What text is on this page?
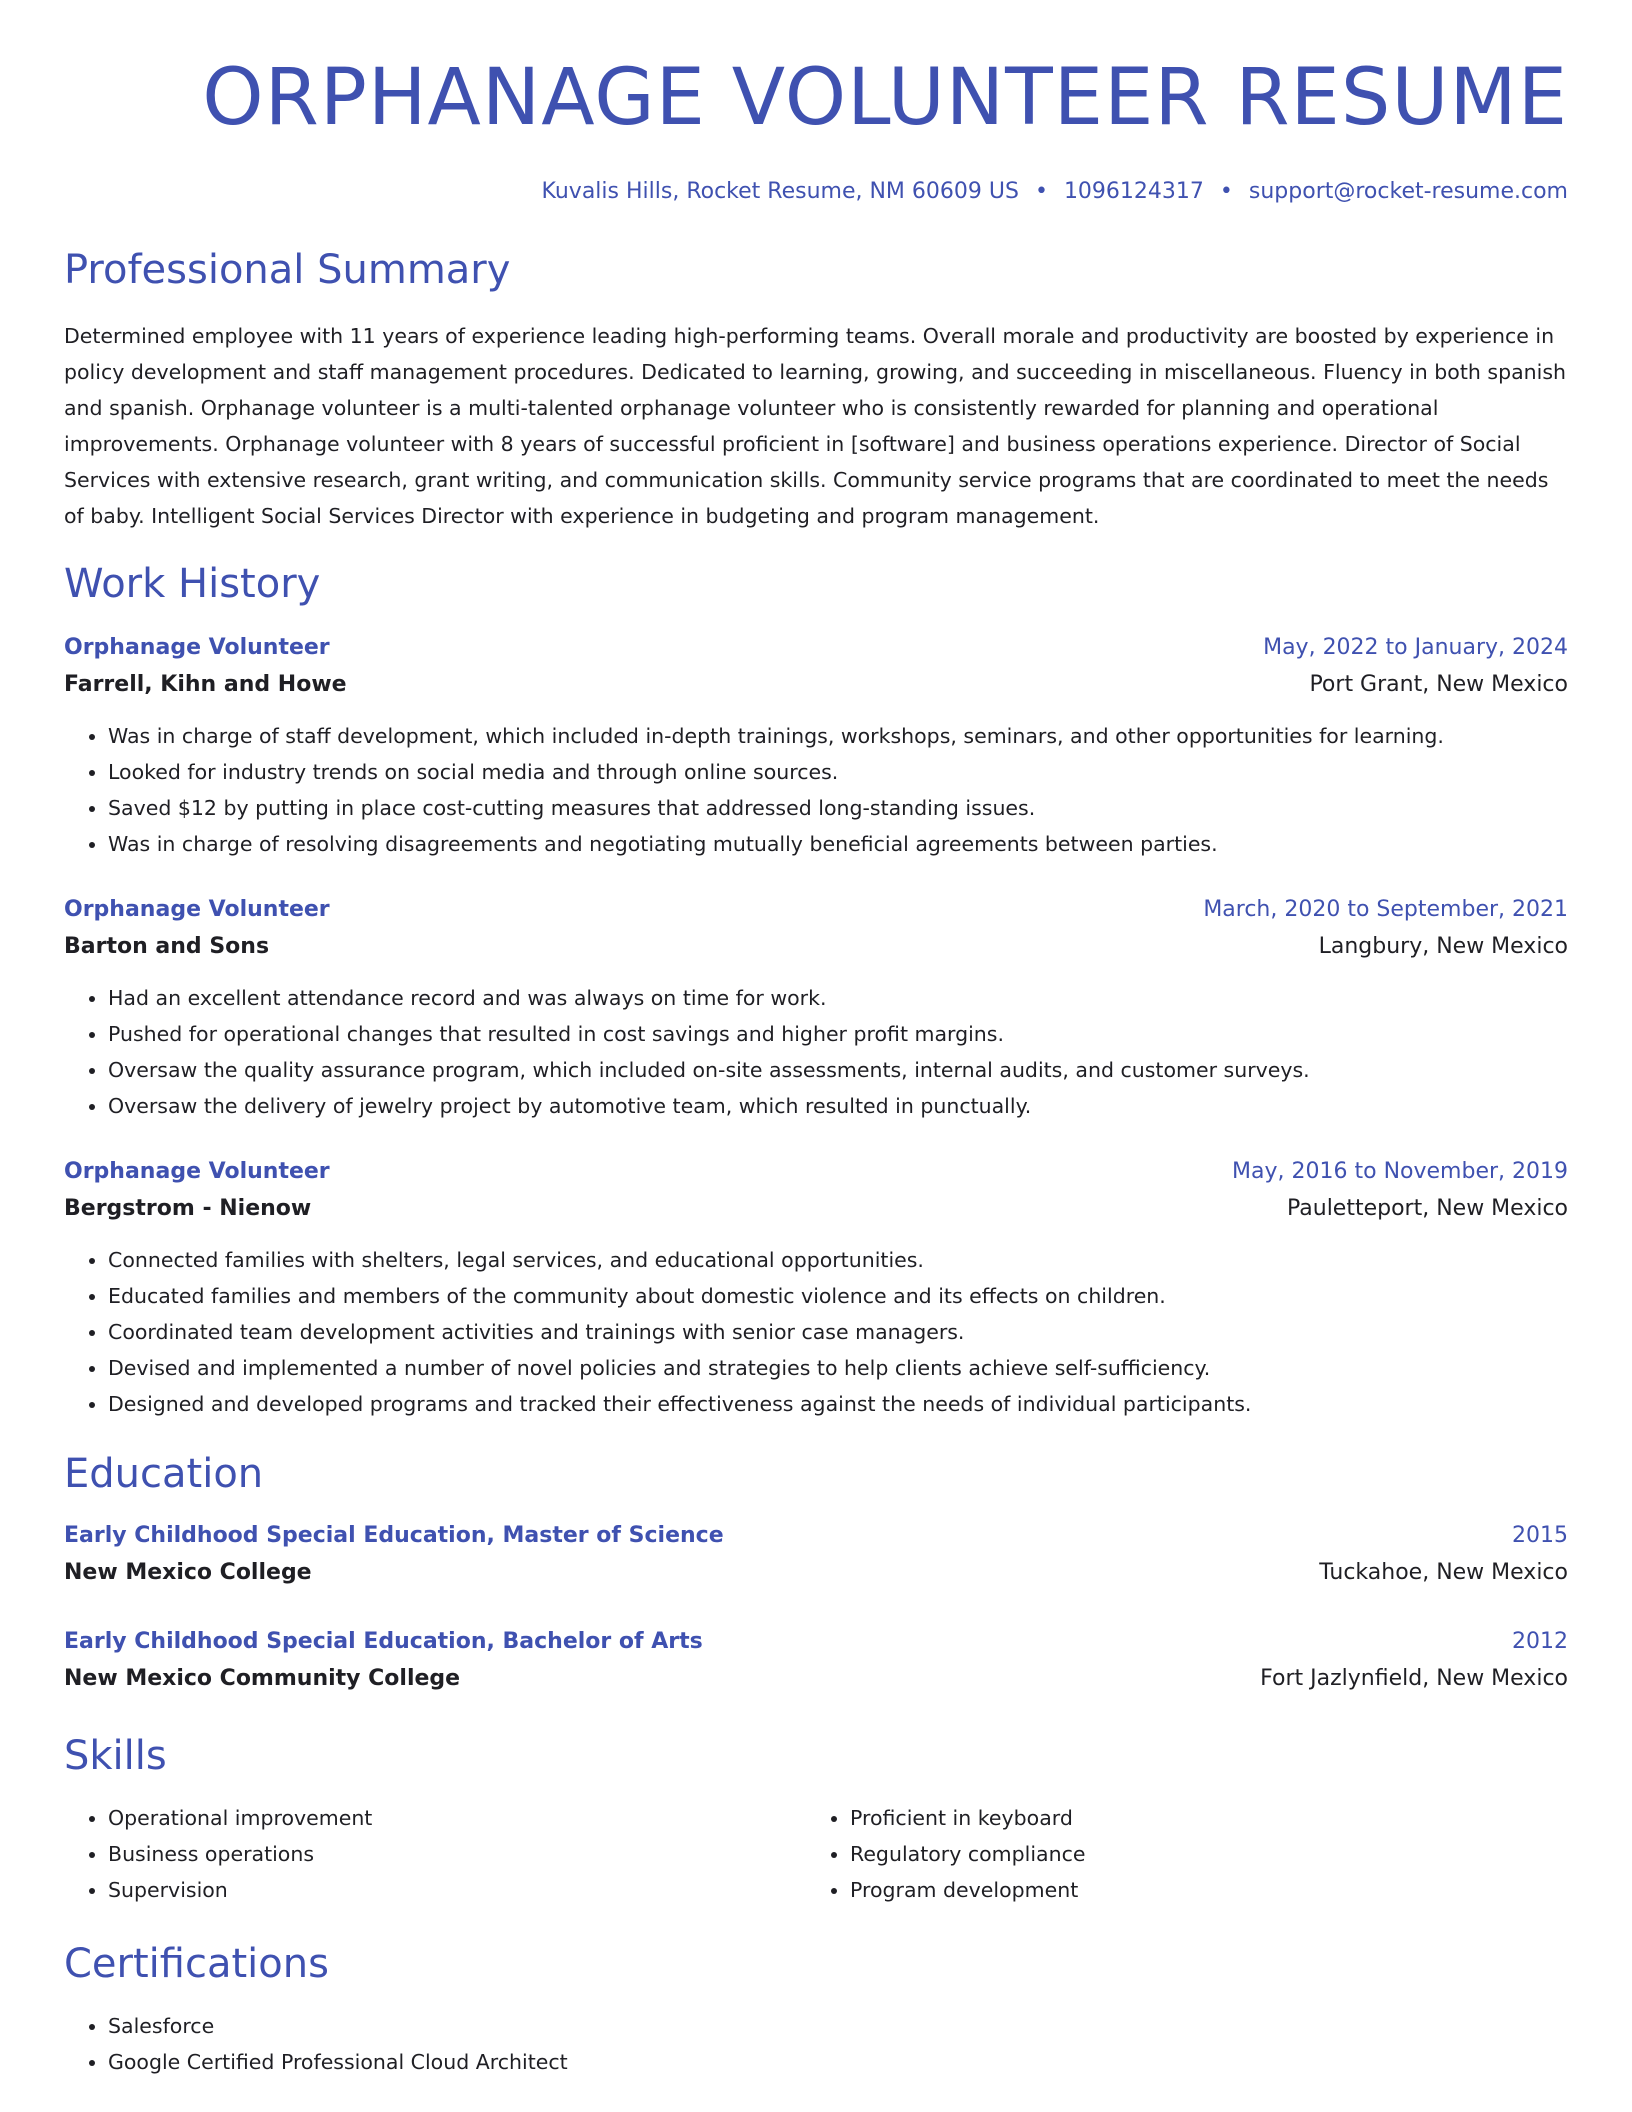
ORPHANAGE VOLUNTEER RESUME
Kuvalis Hills, Rocket Resume, NM 60609 US • 1096124317 • support@rocket-resume.com
Professional Summary
Determined employee with 11 years of experience leading high-performing teams. Overall morale and productivity are boosted by experience in policy development and staff management procedures. Dedicated to learning, growing, and succeeding in miscellaneous. Fluency in both spanish and spanish. Orphanage volunteer is a multi-talented orphanage volunteer who is consistently rewarded for planning and operational improvements. Orphanage volunteer with 8 years of successful proficient in [software] and business operations experience. Director of Social Services with extensive research, grant writing, and communication skills. Community service programs that are coordinated to meet the needs of baby. Intelligent Social Services Director with experience in budgeting and program management.
Work History
Orphanage Volunteer	May, 2022 to January, 2024
Farrell, Kihn and Howe	Port Grant, New Mexico
• Was in charge of staff development, which included in-depth trainings, workshops, seminars, and other opportunities for learning.
• Looked for industry trends on social media and through online sources.
• Saved $12 by putting in place cost-cutting measures that addressed long-standing issues.
• Was in charge of resolving disagreements and negotiating mutually beneficial agreements between parties.
Orphanage Volunteer	March, 2020 to September, 2021
Barton and Sons	Langbury, New Mexico
• Had an excellent attendance record and was always on time for work.
• Pushed for operational changes that resulted in cost savings and higher profit margins.
• Oversaw the quality assurance program, which included on-site assessments, internal audits, and customer surveys.
• Oversaw the delivery of jewelry project by automotive team, which resulted in punctually.
Orphanage Volunteer	May, 2016 to November, 2019
Bergstrom - Nienow	Pauletteport, New Mexico
• Connected families with shelters, legal services, and educational opportunities.
• Educated families and members of the community about domestic violence and its effects on children.
• Coordinated team development activities and trainings with senior case managers.
• Devised and implemented a number of novel policies and strategies to help clients achieve self-sufficiency.
• Designed and developed programs and tracked their effectiveness against the needs of individual participants.
Education
Early Childhood Special Education, Master of Science	2015
New Mexico College	Tuckahoe, New Mexico
Early Childhood Special Education, Bachelor of Arts	2012
New Mexico Community College	Fort Jazlynfield, New Mexico
Skills
• Operational improvement
• Business operations
• Supervision
• Proficient in keyboard
• Regulatory compliance
• Program development
Certifications
• Salesforce
• Google Certified Professional Cloud Architect
